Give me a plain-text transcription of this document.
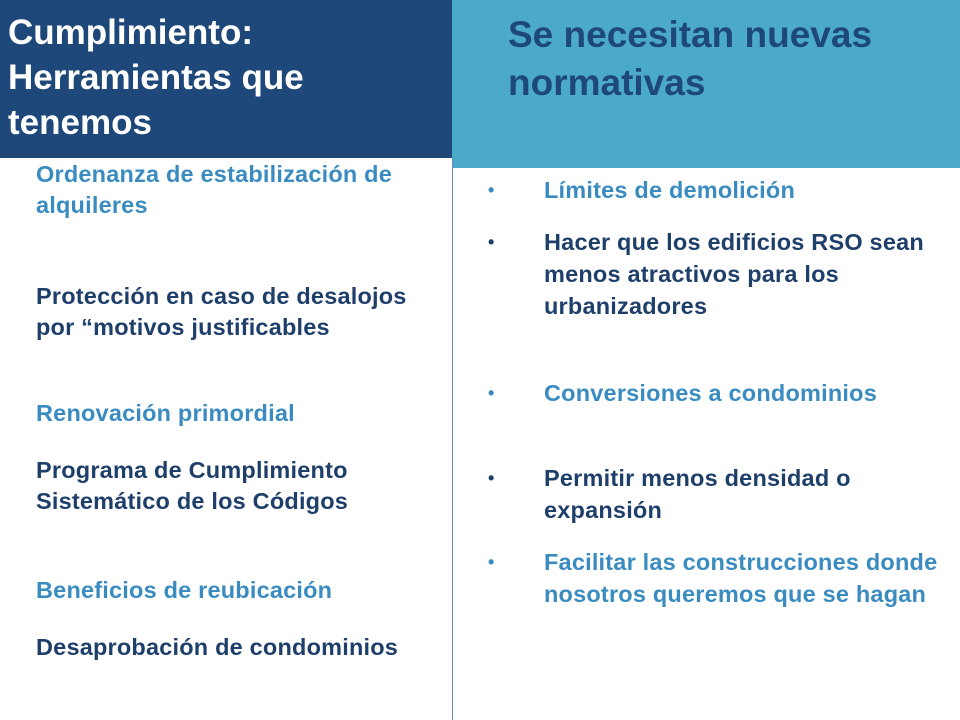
Cumplimiento: Herramientas que tenemos
Se necesitan nuevas normativas

Ordenanza de estabilización de alquileres

Protección en caso de desalojos por “motivos justificables

Renovación primordial

Programa de Cumplimiento Sistemático de los Códigos

Beneficios de reubicación

Desaprobación de condominios

• Límites de demolición
• Hacer que los edificios RSO sean menos atractivos para los urbanizadores
• Conversiones a condominios
• Permitir menos densidad o expansión
• Facilitar las construcciones donde nosotros queremos que se hagan
